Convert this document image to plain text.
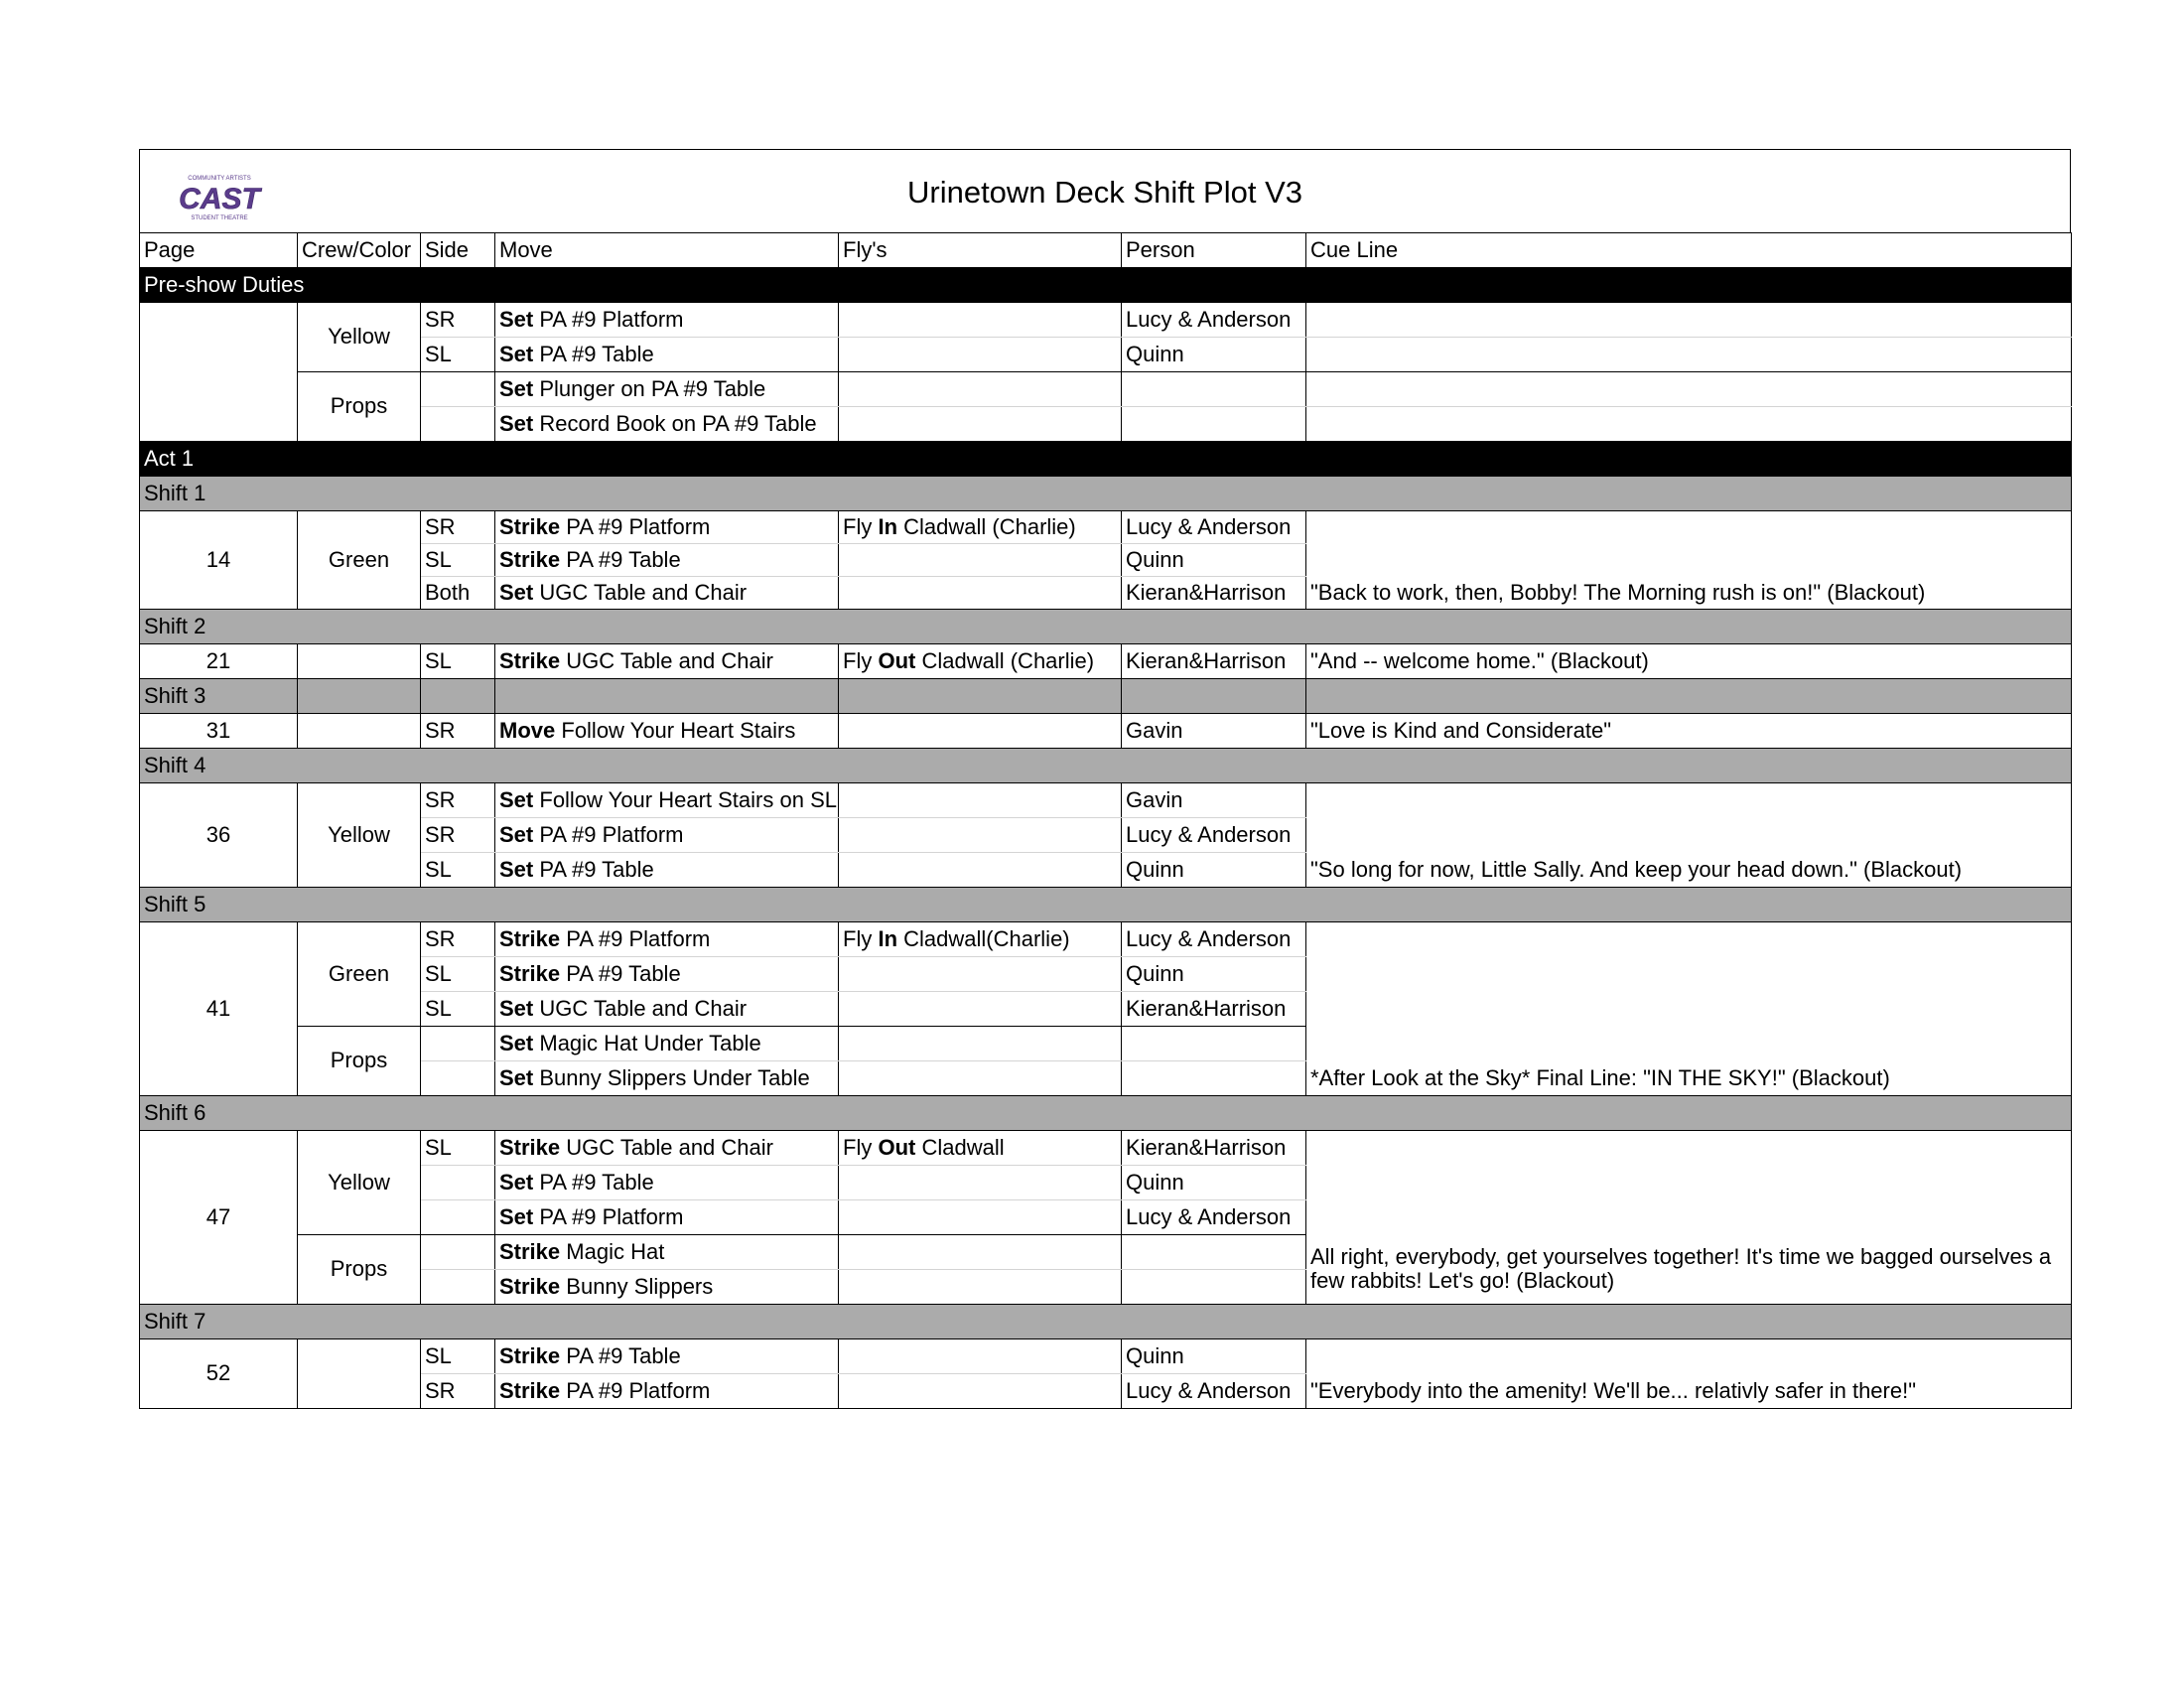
COMMUNITY ARTISTS
CAST
STUDENT THEATRE
Urinetown Deck Shift Plot V3
Page	Crew/Color	Side	Move	Fly's	Person	Cue Line
Pre-show Duties						
	Yellow	SR	Set PA #9 Platform		Lucy & Anderson	
		SL	Set PA #9 Table		Quinn	
	Props		Set Plunger on PA #9 Table			
			Set Record Book on PA #9 Table			
Act 1						
Shift 1						
14	Green	SR	Strike PA #9 Platform	Fly In Cladwall (Charlie)	Lucy & Anderson	
		SL	Strike PA #9 Table		Quinn	
		Both	Set UGC Table and Chair		Kieran&Harrison	"Back to work, then, Bobby! The Morning rush is on!" (Blackout)
Shift 2						
21		SL	Strike UGC Table and Chair	Fly Out Cladwall (Charlie)	Kieran&Harrison	"And -- welcome home." (Blackout)
Shift 3						
31		SR	Move Follow Your Heart Stairs		Gavin	"Love is Kind and Considerate"
Shift 4						
36	Yellow	SR	Set Follow Your Heart Stairs on SL		Gavin	
		SR	Set PA #9 Platform		Lucy & Anderson	
		SL	Set PA #9 Table		Quinn	"So long for now, Little Sally. And keep your head down." (Blackout)
Shift 5						
41	Green	SR	Strike PA #9 Platform	Fly In Cladwall(Charlie)	Lucy & Anderson	
		SL	Strike PA #9 Table		Quinn	
		SL	Set UGC Table and Chair		Kieran&Harrison	
	Props		Set Magic Hat Under Table			
			Set Bunny Slippers Under Table			*After Look at the Sky* Final Line: "IN THE SKY!" (Blackout)
Shift 6						
47	Yellow	SL	Strike UGC Table and Chair	Fly Out Cladwall	Kieran&Harrison	
			Set PA #9 Table		Quinn	
			Set PA #9 Platform		Lucy & Anderson	
	Props		Strike Magic Hat			All right, everybody, get yourselves together! It's time we bagged ourselves a few rabbits! Let's go! (Blackout)
			Strike Bunny Slippers			
Shift 7						
52		SL	Strike PA #9 Table		Quinn	
		SR	Strike PA #9 Platform		Lucy & Anderson	"Everybody into the amenity! We'll be... relativly safer in there!"
